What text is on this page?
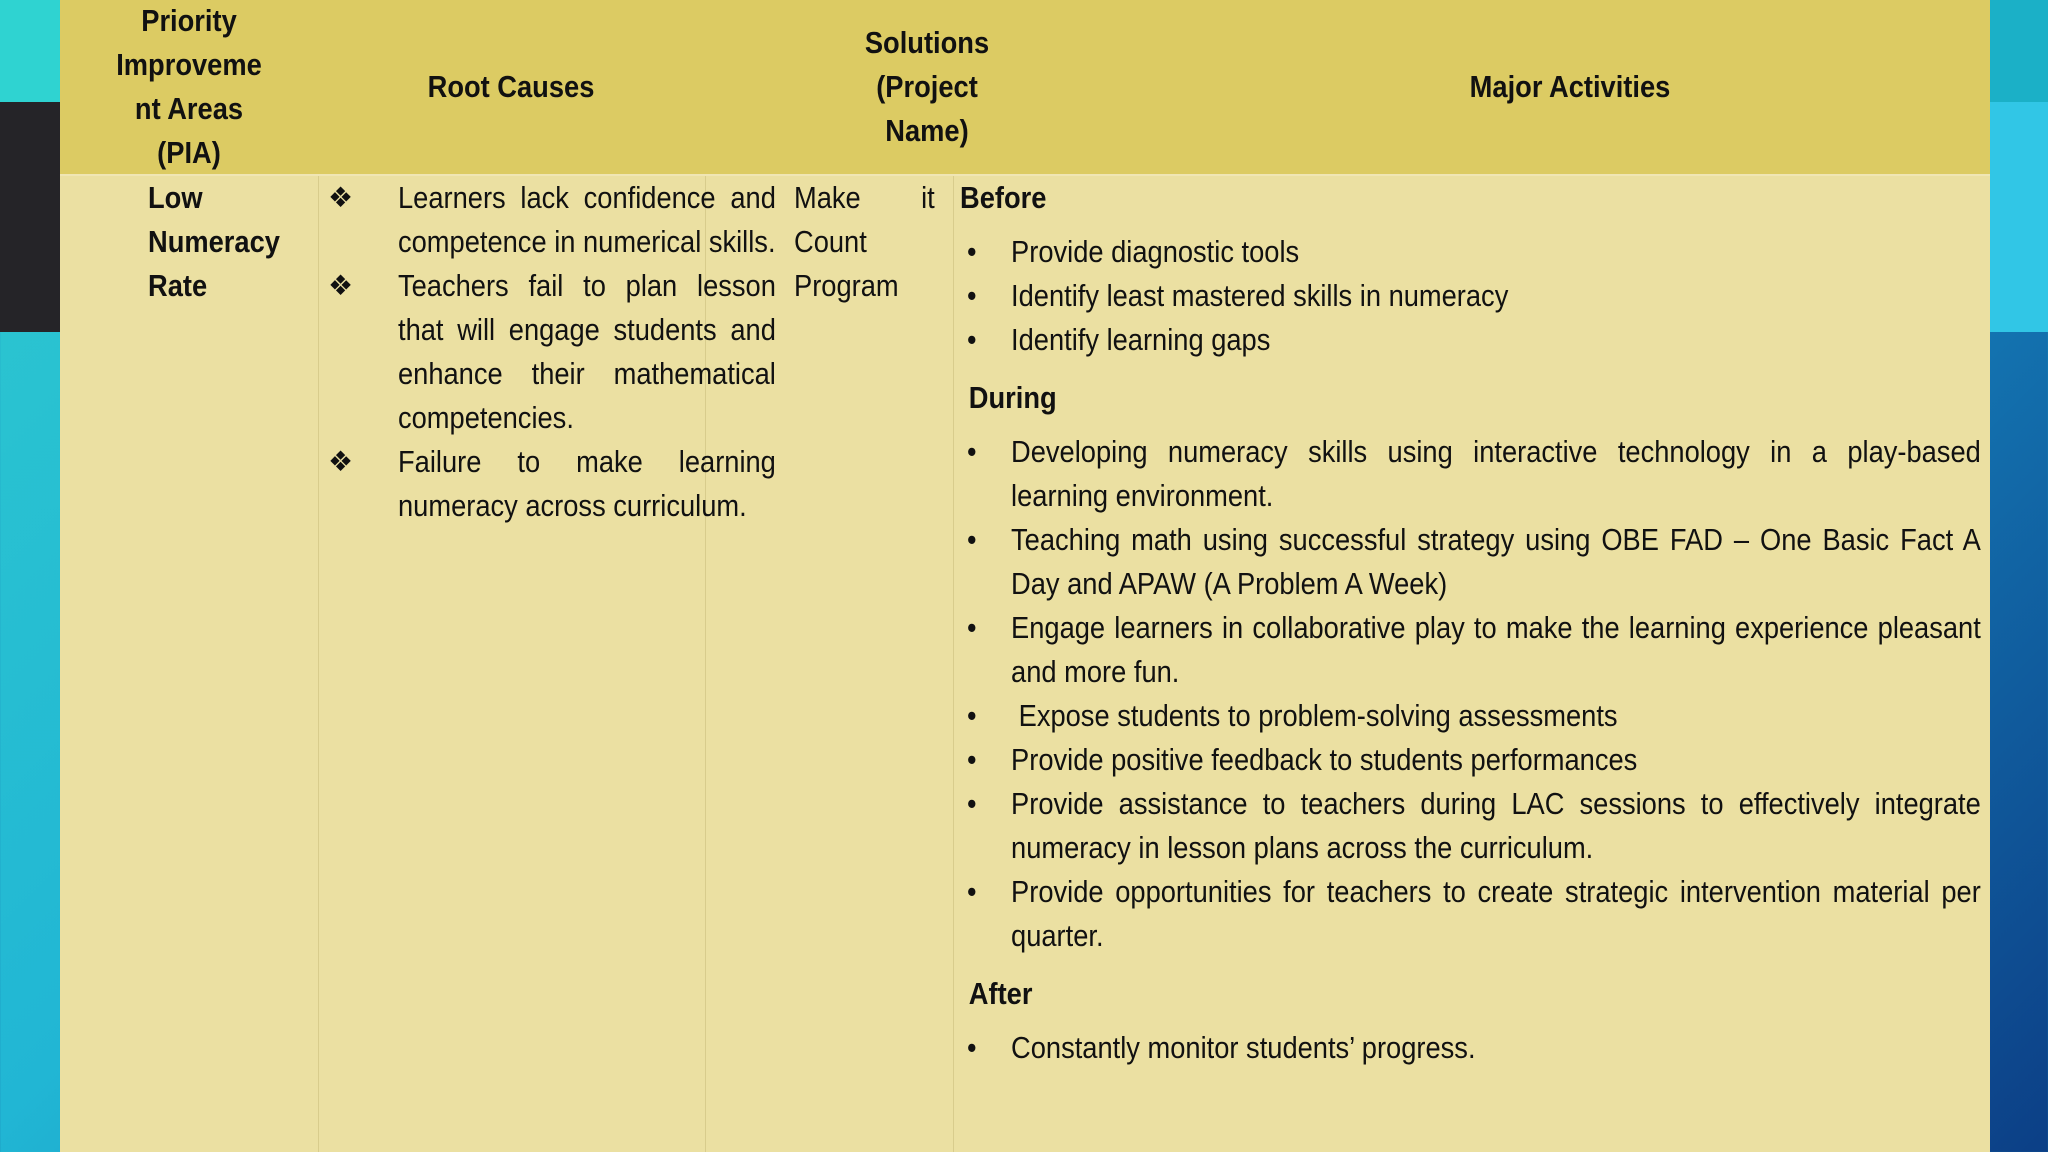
Priority
Improveme
nt Areas
(PIA)
Root Causes
Solutions
(Project
Name)
Major Activities
Low
Numeracy
Rate
❖ Learners lack confidence and competence in numerical skills.
❖ Teachers fail to plan lesson that will engage students and enhance their mathematical competencies.
❖ Failure to make learning numeracy across curriculum.
Make it
Count
Program
Before
• Provide diagnostic tools
• Identify least mastered skills in numeracy
• Identify learning gaps
During
• Developing numeracy skills using interactive technology in a play-based learning environment.
• Teaching math using successful strategy using OBE FAD – One Basic Fact A Day and APAW (A Problem A Week)
• Engage learners in collaborative play to make the learning experience pleasant and more fun.
• Expose students to problem-solving assessments
• Provide positive feedback to students performances
• Provide assistance to teachers during LAC sessions to effectively integrate numeracy in lesson plans across the curriculum.
• Provide opportunities for teachers to create strategic intervention material per quarter.
After
• Constantly monitor students’ progress.
